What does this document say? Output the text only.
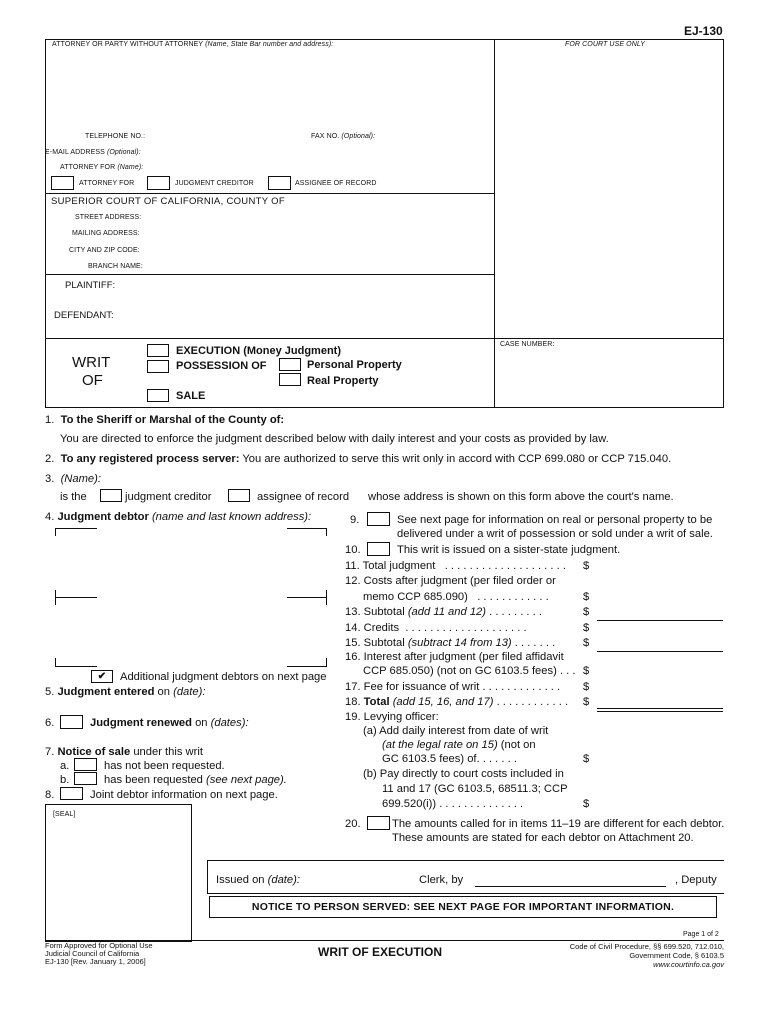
EJ-130
ATTORNEY OR PARTY WITHOUT ATTORNEY (Name, State Bar number and address):	FOR COURT USE ONLY
TELEPHONE NO.:	FAX NO. (Optional):
E-MAIL ADDRESS (Optional):
ATTORNEY FOR (Name):
ATTORNEY FOR	JUDGMENT CREDITOR	ASSIGNEE OF RECORD
SUPERIOR COURT OF CALIFORNIA, COUNTY OF
STREET ADDRESS:
MAILING ADDRESS:
CITY AND ZIP CODE:
BRANCH NAME:
PLAINTIFF:
DEFENDANT:
WRIT
OF
EXECUTION (Money Judgment)
POSSESSION OF	Personal Property
Real Property
SALE
CASE NUMBER:
1. To the Sheriff or Marshal of the County of:
You are directed to enforce the judgment described below with daily interest and your costs as provided by law.
2. To any registered process server: You are authorized to serve this writ only in accord with CCP 699.080 or CCP 715.040.
3. (Name):
is the	judgment creditor	assignee of record whose address is shown on this form above the court's name.
4. Judgment debtor (name and last known address):
✔	Additional judgment debtors on next page
5. Judgment entered on (date):
6.	Judgment renewed on (dates):
7. Notice of sale under this writ
a.	has not been requested.
b.	has been requested (see next page).
8.	Joint debtor information on next page.
[SEAL]
9.	See next page for information on real or personal property to be
delivered under a writ of possession or sold under a writ of sale.
10.	This writ is issued on a sister-state judgment.
11. Total judgment . . . . . . . . . . . . . . . . . . . . $
12. Costs after judgment (per filed order or
memo CCP 685.090) . . . . . . . . . . . .	$
13. Subtotal (add 11 and 12) . . . . . . . . .	$
14. Credits . . . . . . . . . . . . . . . . . . . .	$
15. Subtotal (subtract 14 from 13) . . . . . . . $
16. Interest after judgment (per filed affidavit
CCP 685.050) (not on GC 6103.5 fees) . . . $
17. Fee for issuance of writ . . . . . . . . . . . . . $
18. Total (add 15, 16, and 17) . . . . . . . . . . . . $
19. Levying officer:
(a) Add daily interest from date of writ
(at the legal rate on 15) (not on
GC 6103.5 fees) of. . . . . . .	$
(b) Pay directly to court costs included in
11 and 17 (GC 6103.5, 68511.3; CCP
699.520(i)) . . . . . . . . . . . . . .	$
20.	The amounts called for in items 11–19 are different for each debtor.
These amounts are stated for each debtor on Attachment 20.
Issued on (date):	Clerk, by	, Deputy
NOTICE TO PERSON SERVED: SEE NEXT PAGE FOR IMPORTANT INFORMATION.
Page 1 of 2
Form Approved for Optional Use
Judicial Council of California
EJ-130 [Rev. January 1, 2006]
WRIT OF EXECUTION	Code of Civil Procedure, §§ 699.520, 712.010,
Government Code, § 6103.5
www.courtinfo.ca.gov
